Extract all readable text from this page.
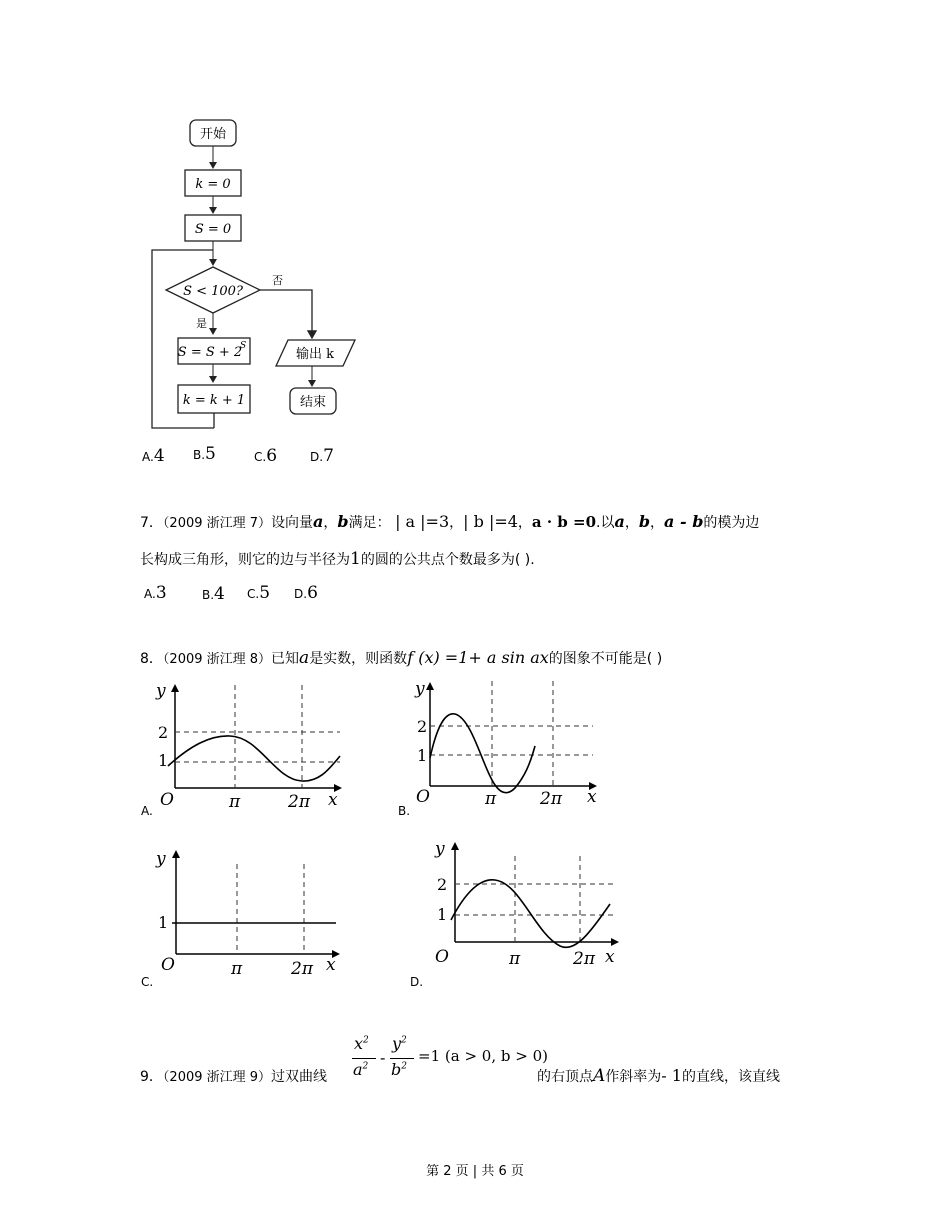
开始
k = 0
S = 0
S < 100?
否
是
S = S + 2
S
k = k + 1
输出 k
结束
A.4 B.5	C.6	D.7
7．（2009 浙江理 7）设向量a，b满足： | a |=3，| b |=4，a · b =0.以a，b，a - b的模为边
长构成三角形，则它的边与半径为1的圆的公共点个数最多为( ).
A.3	B.4 C.5 D.6
8．（2009 浙江理 8）已知a是实数，则函数f (x) =1+ a sin ax的图象不可能是( )
y
2
1
O	π	2π x
A.
y
2
1
O	π	2π x
B.
y
1
O	π	2π x
C.
y
2
1
O	π	2π x
D.
9．（2009 浙江理 9）过双曲线
$x^2$
$a^2$ -
$y^2$
$b^2$
=1 (a > 0, b > 0)
的右顶点A作斜率为- 1的直线，该直线
第 2 页 | 共 6 页
